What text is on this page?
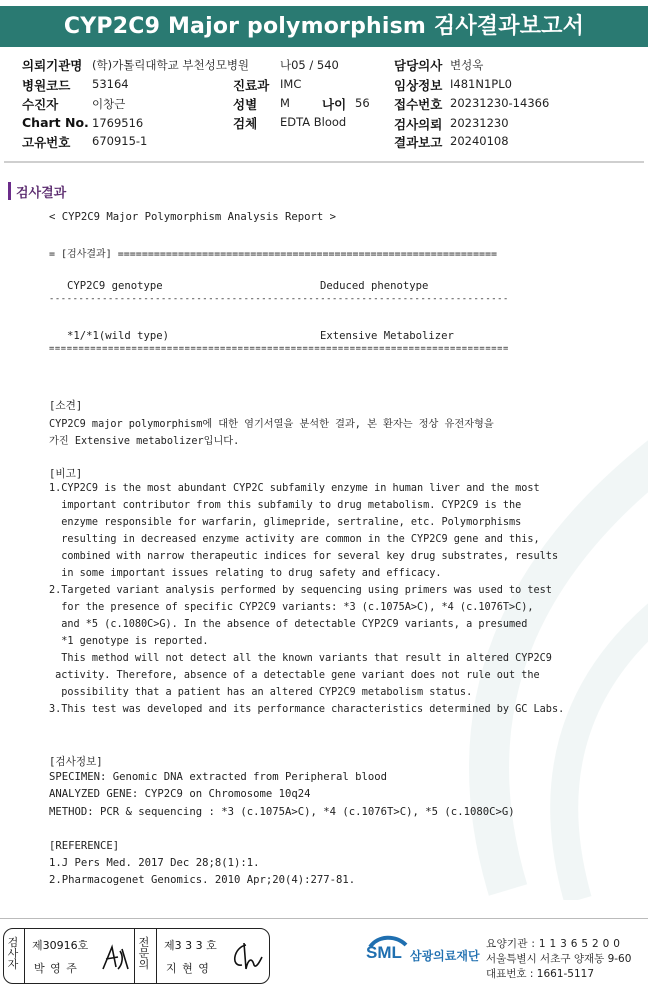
CYP2C9 Major polymorphism 검사결과보고서
의뢰기관명 (학)가톨릭대학교 부천성모병원	나05 / 540	담당의사 변성욱
병원코드 53164	진료과 IMC	임상정보 I481N1PL0
수진자	이창근	성별 M	나이 56 접수번호 20231230-14366
Chart No. 1769516	검체 EDTA Blood	검사의뢰 20231230
고유번호 670915-1	결과보고 20240108
검사결과
< CYP2C9 Major Polymorphism Analysis Report >
= [검사결과] ===============================================================
CYP2C9 genotype	Deduced phenotype
------------------------------------------------------------------------------
*1/*1(wild type)	Extensive Metabolizer
==============================================================================
[소견]
CYP2C9 major polymorphism에 대한 염기서열을 분석한 결과, 본 환자는 정상 유전자형을
가진 Extensive metabolizer입니다.
[비고]
1.CYP2C9 is the most abundant CYP2C subfamily enzyme in human liver and the most
important contributor from this subfamily to drug metabolism. CYP2C9 is the
enzyme responsible for warfarin, glimepride, sertraline, etc. Polymorphisms
resulting in decreased enzyme activity are common in the CYP2C9 gene and this,
combined with narrow therapeutic indices for several key drug substrates, results
in some important issues relating to drug safety and efficacy.
2.Targeted variant analysis performed by sequencing using primers was used to test
for the presence of specific CYP2C9 variants: *3 (c.1075A>C), *4 (c.1076T>C),
and *5 (c.1080C>G). In the absence of detectable CYP2C9 variants, a presumed
*1 genotype is reported.
This method will not detect all the known variants that result in altered CYP2C9
activity. Therefore, absence of a detectable gene variant does not rule out the
possibility that a patient has an altered CYP2C9 metabolism status.
3.This test was developed and its performance characteristics determined by GC Labs.
[검사정보]
SPECIMEN: Genomic DNA extracted from Peripheral blood
ANALYZED GENE: CYP2C9 on Chromosome 10q24
METHOD: PCR & sequencing : *3 (c.1075A>C), *4 (c.1076T>C), *5 (c.1080C>G)
[REFERENCE]
1.J Pers Med. 2017 Dec 28;8(1):1.
2.Pharmacogenet Genomics. 2010 Apr;20(4):277-81.
검사자
제30916호
박 영 주
전문의
제3 3 3 호
지 현 영
SML 삼광의료재단
요양기관 : 1 1 3 6 5 2 0 0
서울특별시 서초구 양재동 9-60
대표번호 : 1661-5117
